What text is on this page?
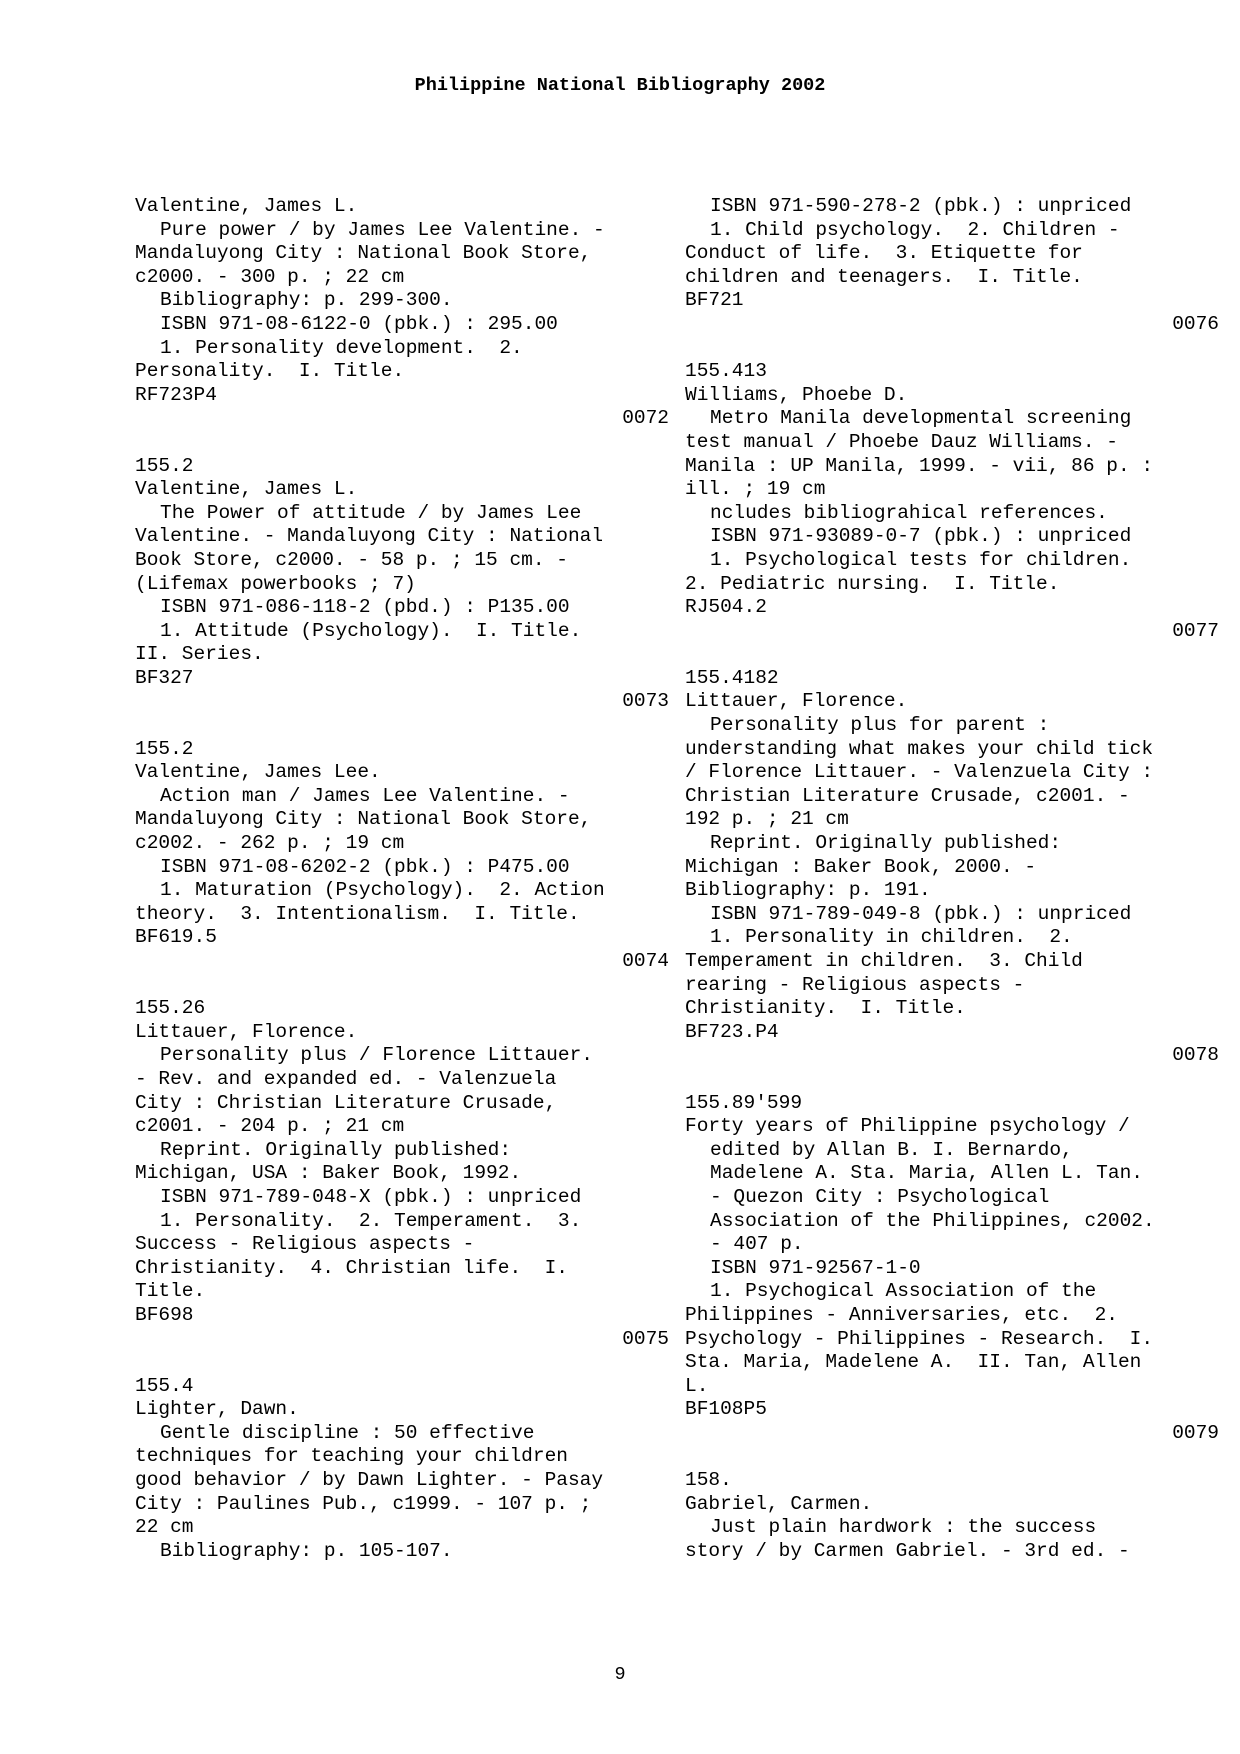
Philippine National Bibliography 2002
Valentine, James L.
Pure power / by James Lee Valentine. -
Mandaluyong City : National Book Store,
c2000. - 300 p. ; 22 cm
Bibliography: p. 299-300.
ISBN 971-08-6122-0 (pbk.) : 295.00
1. Personality development.  2.
Personality.  I. Title.
RF723P4
0072
155.2
Valentine, James L.
The Power of attitude / by James Lee
Valentine. - Mandaluyong City : National
Book Store, c2000. - 58 p. ; 15 cm. -
(Lifemax powerbooks ; 7)
ISBN 971-086-118-2 (pbd.) : P135.00
1. Attitude (Psychology).  I. Title.
II. Series.
BF327
0073
155.2
Valentine, James Lee.
Action man / James Lee Valentine. -
Mandaluyong City : National Book Store,
c2002. - 262 p. ; 19 cm
ISBN 971-08-6202-2 (pbk.) : P475.00
1. Maturation (Psychology).  2. Action
theory.  3. Intentionalism.  I. Title.
BF619.5
0074
155.26
Littauer, Florence.
Personality plus / Florence Littauer.
- Rev. and expanded ed. - Valenzuela
City : Christian Literature Crusade,
c2001. - 204 p. ; 21 cm
Reprint. Originally published:
Michigan, USA : Baker Book, 1992.
ISBN 971-789-048-X (pbk.) : unpriced
1. Personality.  2. Temperament.  3.
Success - Religious aspects -
Christianity.  4. Christian life.  I.
Title.
BF698
0075
155.4
Lighter, Dawn.
Gentle discipline : 50 effective
techniques for teaching your children
good behavior / by Dawn Lighter. - Pasay
City : Paulines Pub., c1999. - 107 p. ;
22 cm
Bibliography: p. 105-107.
ISBN 971-590-278-2 (pbk.) : unpriced
1. Child psychology.  2. Children -
Conduct of life.  3. Etiquette for
children and teenagers.  I. Title.
BF721
0076
155.413
Williams, Phoebe D.
Metro Manila developmental screening
test manual / Phoebe Dauz Williams. -
Manila : UP Manila, 1999. - vii, 86 p. :
ill. ; 19 cm
ncludes bibliograhical references.
ISBN 971-93089-0-7 (pbk.) : unpriced
1. Psychological tests for children.
2. Pediatric nursing.  I. Title.
RJ504.2
0077
155.4182
Littauer, Florence.
Personality plus for parent :
understanding what makes your child tick
/ Florence Littauer. - Valenzuela City :
Christian Literature Crusade, c2001. -
192 p. ; 21 cm
Reprint. Originally published:
Michigan : Baker Book, 2000. -
Bibliography: p. 191.
ISBN 971-789-049-8 (pbk.) : unpriced
1. Personality in children.  2.
Temperament in children.  3. Child
rearing - Religious aspects -
Christianity.  I. Title.
BF723.P4
0078
155.89'599
Forty years of Philippine psychology /
edited by Allan B. I. Bernardo,
Madelene A. Sta. Maria, Allen L. Tan.
- Quezon City : Psychological
Association of the Philippines, c2002.
- 407 p.
ISBN 971-92567-1-0
1. Psychogical Association of the
Philippines - Anniversaries, etc.  2.
Psychology - Philippines - Research.  I.
Sta. Maria, Madelene A.  II. Tan, Allen
L.
BF108P5
0079
158.
Gabriel, Carmen.
Just plain hardwork : the success
story / by Carmen Gabriel. - 3rd ed. -
9
